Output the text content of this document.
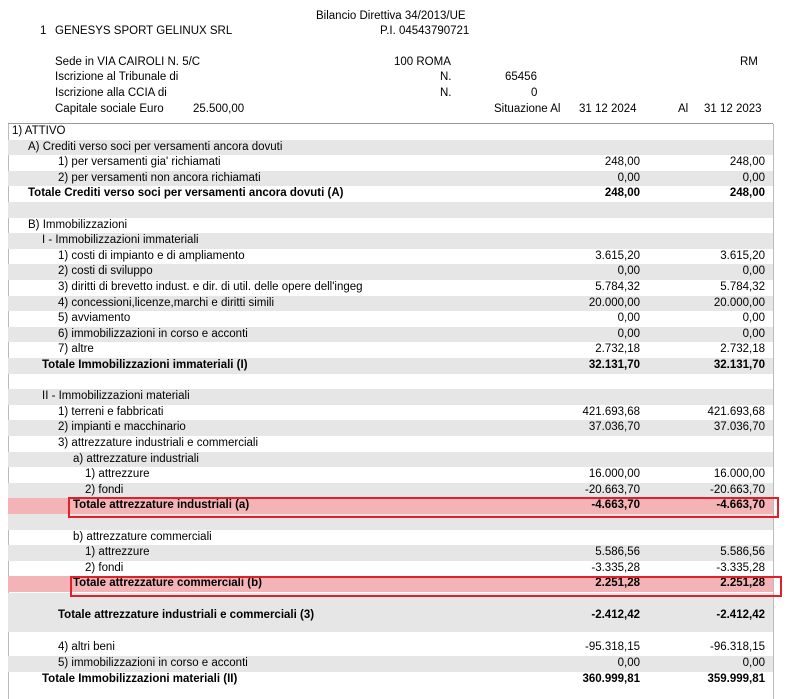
Bilancio Direttiva 34/2013/UE
1 GENESYS SPORT GELINUX SRL	P.I. 04543790721
Sede in VIA CAIROLI N. 5/C	100 ROMA	RM
Iscrizione al Tribunale di	N.	65456
Iscrizione alla CCIA di	N.	0
Capitale sociale Euro	25.500,00	Situazione Al 31 12 2024	Al 31 12 2023
1) ATTIVO
A) Crediti verso soci per versamenti ancora dovuti
1) per versamenti gia' richiamati	248,00	248,00
2) per versamenti non ancora richiamati	0,00	0,00
Totale Crediti verso soci per versamenti ancora dovuti (A)	248,00	248,00
B) Immobilizzazioni
I - Immobilizzazioni immateriali
1) costi di impianto e di ampliamento	3.615,20	3.615,20
2) costi di sviluppo	0,00	0,00
3) diritti di brevetto indust. e dir. di util. delle opere dell'ingeg	5.784,32	5.784,32
4) concessioni,licenze,marchi e diritti simili	20.000,00	20.000,00
5) avviamento	0,00	0,00
6) immobilizzazioni in corso e acconti	0,00	0,00
7) altre	2.732,18	2.732,18
Totale Immobilizzazioni immateriali (I)	32.131,70	32.131,70
II - Immobilizzazioni materiali
1) terreni e fabbricati	421.693,68	421.693,68
2) impianti e macchinario	37.036,70	37.036,70
3) attrezzature industriali e commerciali
a) attrezzature industriali
1) attrezzure	16.000,00	16.000,00
2) fondi	-20.663,70	-20.663,70
Totale attrezzature industriali (a)	-4.663,70	-4.663,70
b) attrezzature commerciali
1) attrezzure	5.586,56	5.586,56
2) fondi	-3.335,28	-3.335,28
Totale attrezzature commerciali (b)	2.251,28	2.251,28
Totale attrezzature industriali e commerciali (3)	-2.412,42	-2.412,42
4) altri beni	-95.318,15	-96.318,15
5) immobilizzazioni in corso e acconti	0,00	0,00
Totale Immobilizzazioni materiali (II)	360.999,81	359.999,81
